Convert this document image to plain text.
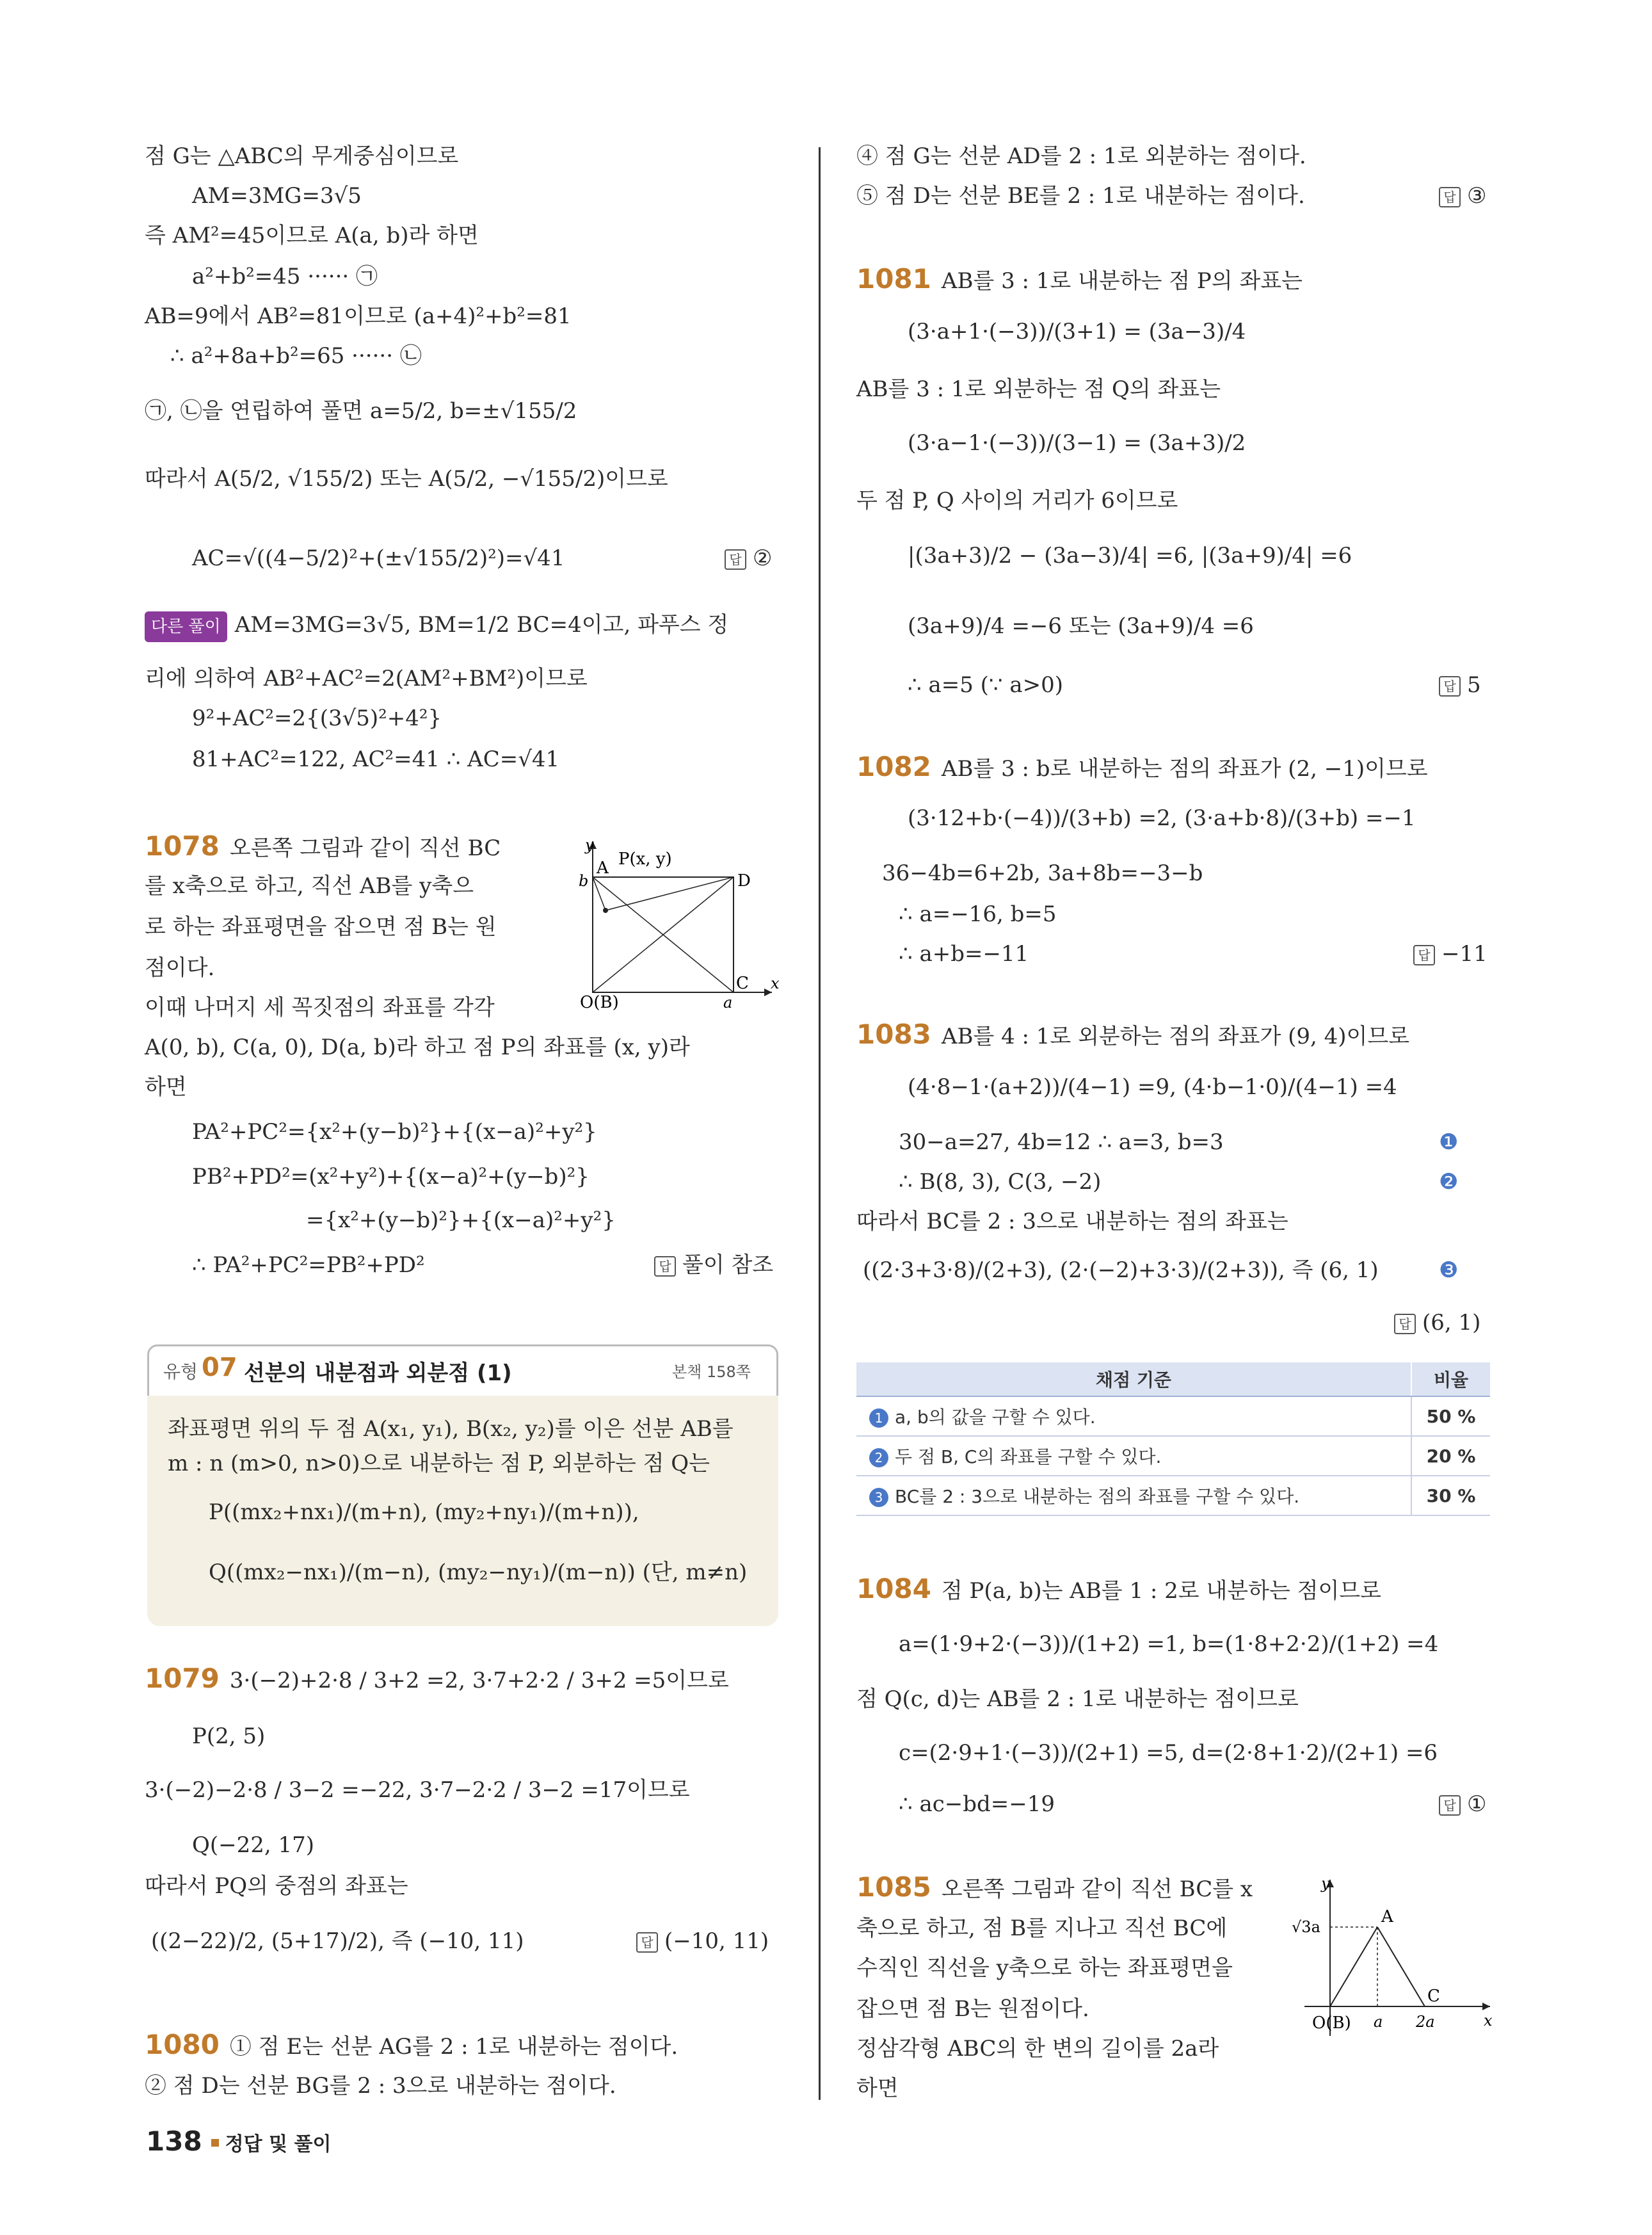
점 G는 △ABC의 무게중심이므로
AM=3MG=3√5
즉 AM²=45이므로 A(a, b)라 하면
a²+b²=45 ······ ㉠
AB=9에서 AB²=81이므로 (a+4)²+b²=81
∴ a²+8a+b²=65 ······ ㉡
㉠, ㉡을 연립하여 풀면 a=5/2, b=±√155/2
따라서 A(5/2, √155/2) 또는 A(5/2, −√155/2)이므로
AC=√((4−5/2)²+(±√155/2)²)=√41	답 ②
다른 풀이 AM=3MG=3√5, BM=1/2 BC=4이고, 파푸스 정
리에 의하여 AB²+AC²=2(AM²+BM²)이므로
9²+AC²=2{(3√5)²+4²}
81+AC²=122, AC²=41 ∴ AC=√41
1078 오른쪽 그림과 같이 직선 BC
를 x축으로 하고, 직선 AB를 y축으
로 하는 좌표평면을 잡으면 점 B는 원
점이다.
이때 나머지 세 꼭짓점의 좌표를 각각
A(0, b), C(a, 0), D(a, b)라 하고 점 P의 좌표를 (x, y)라
하면
PA²+PC²={x²+(y−b)²}+{(x−a)²+y²}
PB²+PD²=(x²+y²)+{(x−a)²+(y−b)²}
={x²+(y−b)²}+{(x−a)²+y²}
∴ PA²+PC²=PB²+PD²	답 풀이 참조
y
x
P(x, y)
A
b	D
C
O(B)	a
1079 3·(−2)+2·8 / 3+2 =2, 3·7+2·2 / 3+2 =5이므로
P(2, 5)
3·(−2)−2·8 / 3−2 =−22, 3·7−2·2 / 3−2 =17이므로
Q(−22, 17)
따라서 PQ의 중점의 좌표는
((2−22)/2, (5+17)/2), 즉 (−10, 11)	답 (−10, 11)
1080 ① 점 E는 선분 AG를 2 : 1로 내분하는 점이다.
② 점 D는 선분 BG를 2 : 3으로 내분하는 점이다.
유형 07 선분의 내분점과 외분점 (1)	본책 158쪽
좌표평면 위의 두 점 A(x₁, y₁), B(x₂, y₂)를 이은 선분 AB를
m : n (m>0, n>0)으로 내분하는 점 P, 외분하는 점 Q는
P((mx₂+nx₁)/(m+n), (my₂+ny₁)/(m+n)),
Q((mx₂−nx₁)/(m−n), (my₂−ny₁)/(m−n)) (단, m≠n)
④ 점 G는 선분 AD를 2 : 1로 외분하는 점이다.
⑤ 점 D는 선분 BE를 2 : 1로 내분하는 점이다.	답 ③
1081 AB를 3 : 1로 내분하는 점 P의 좌표는
(3·a+1·(−3))/(3+1) = (3a−3)/4
AB를 3 : 1로 외분하는 점 Q의 좌표는
(3·a−1·(−3))/(3−1) = (3a+3)/2
두 점 P, Q 사이의 거리가 6이므로
|(3a+3)/2 − (3a−3)/4| =6, |(3a+9)/4| =6
(3a+9)/4 =−6 또는 (3a+9)/4 =6
∴ a=5 (∵ a>0)	답 5
1082 AB를 3 : b로 내분하는 점의 좌표가 (2, −1)이므로
(3·12+b·(−4))/(3+b) =2, (3·a+b·8)/(3+b) =−1
36−4b=6+2b, 3a+8b=−3−b
∴ a=−16, b=5
∴ a+b=−11	답 −11
1083 AB를 4 : 1로 외분하는 점의 좌표가 (9, 4)이므로
(4·8−1·(a+2))/(4−1) =9, (4·b−1·0)/(4−1) =4
30−a=27, 4b=12 ∴ a=3, b=3	❶
∴ B(8, 3), C(3, −2)	❷
따라서 BC를 2 : 3으로 내분하는 점의 좌표는
((2·3+3·8)/(2+3), (2·(−2)+3·3)/(2+3)), 즉 (6, 1)	❸
답 (6, 1)
1084 점 P(a, b)는 AB를 1 : 2로 내분하는 점이므로
a=(1·9+2·(−3))/(1+2) =1, b=(1·8+2·2)/(1+2) =4
점 Q(c, d)는 AB를 2 : 1로 내분하는 점이므로
c=(2·9+1·(−3))/(2+1) =5, d=(2·8+1·2)/(2+1) =6
∴ ac−bd=−19	답 ①
1085 오른쪽 그림과 같이 직선 BC를 x
축으로 하고, 점 B를 지나고 직선 BC에
수직인 직선을 y축으로 하는 좌표평면을
잡으면 점 B는 원점이다.
정삼각형 ABC의 한 변의 길이를 2a라
하면
y
x
A
√3a
C
O(B) a 2a
채점 기준	비율
1 a, b의 값을 구할 수 있다.	50 %
2 두 점 B, C의 좌표를 구할 수 있다.	20 %
3 BC를 2 : 3으로 내분하는 점의 좌표를 구할 수 있다.	30 %
138 정답 및 풀이
